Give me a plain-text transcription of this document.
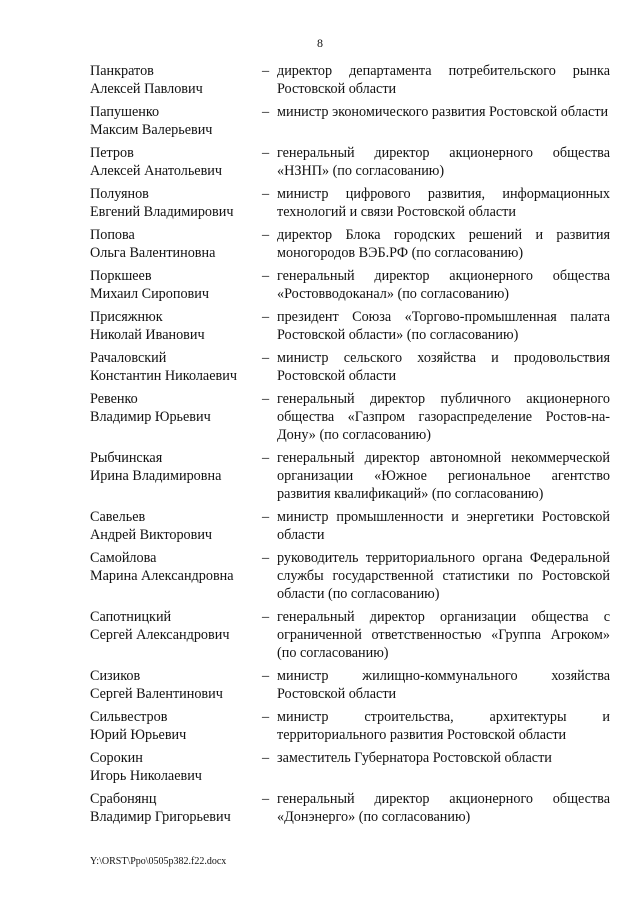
8
Панкратов
Алексей Павлович
– директор департамента потребительского рынка Ростовской области
Папушенко
Максим Валерьевич
– министр экономического развития Ростовской области
Петров
Алексей Анатольевич
– генеральный директор акционерного общества «НЗНП» (по согласованию)
Полуянов
Евгений Владимирович
– министр цифрового развития, информационных технологий и связи Ростовской области
Попова
Ольга Валентиновна
– директор Блока городских решений и развития моногородов ВЭБ.РФ (по согласованию)
Поркшеев
Михаил Сиропович
– генеральный директор акционерного общества «Ростовводоканал» (по согласованию)
Присяжнюк
Николай Иванович
– президент Союза «Торгово-промышленная палата Ростовской области» (по согласованию)
Рачаловский
Константин Николаевич
– министр сельского хозяйства и продовольствия Ростовской области
Ревенко
Владимир Юрьевич
– генеральный директор публичного акционерного общества «Газпром газораспределение Ростов-на-Дону» (по согласованию)
Рыбчинская
Ирина Владимировна
– генеральный директор автономной некоммерческой организации «Южное региональное агентство развития квалификаций» (по согласованию)
Савельев
Андрей Викторович
– министр промышленности и энергетики Ростовской области
Самойлова
Марина Александровна
– руководитель территориального органа Федеральной службы государственной статистики по Ростовской области (по согласованию)
Сапотницкий
Сергей Александрович
– генеральный директор организации общества с ограниченной ответственностью «Группа Агроком» (по согласованию)
Сизиков
Сергей Валентинович
– министр жилищно-коммунального хозяйства Ростовской области
Сильвестров
Юрий Юрьевич
– министр строительства, архитектуры и территориального развития Ростовской области
Сорокин
Игорь Николаевич
– заместитель Губернатора Ростовской области
Срабонянц
Владимир Григорьевич
– генеральный директор акционерного общества «Донэнерго» (по согласованию)
Y:\ORST\Ppo\0505p382.f22.docx
